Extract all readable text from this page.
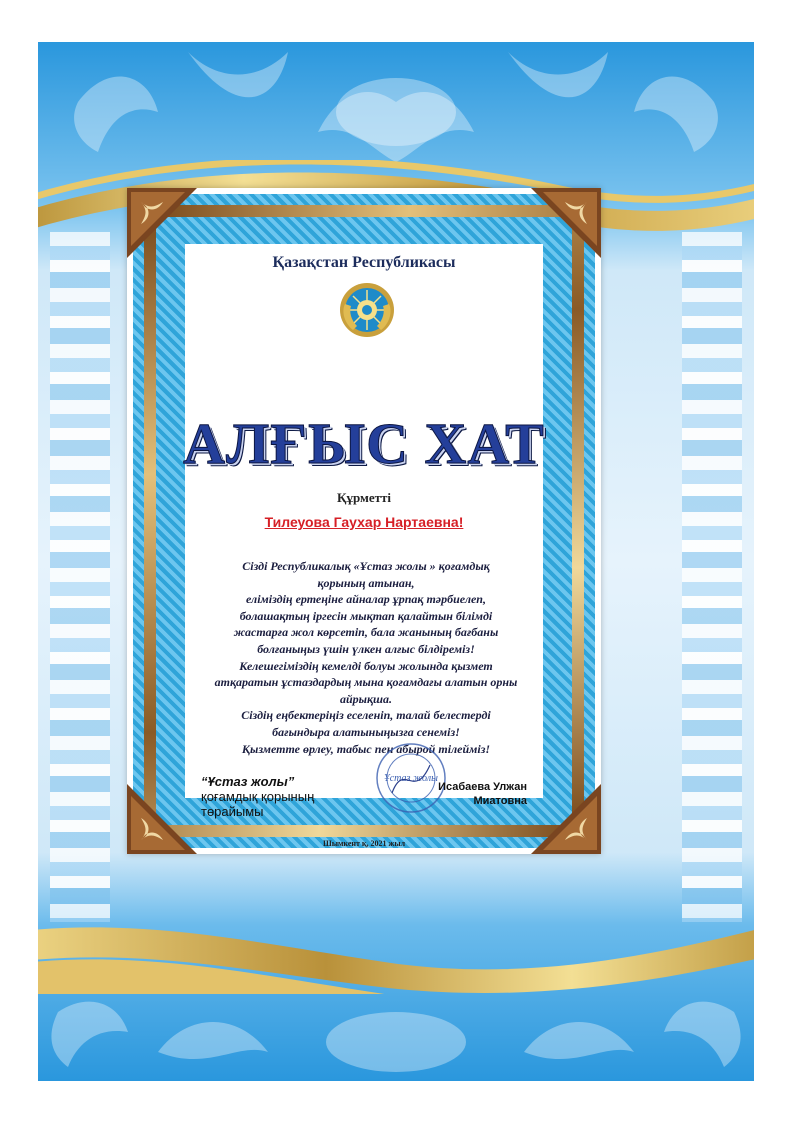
Қазақстан Республикасы
АЛҒЫС ХАТ
Құрметті
Тилеуова Гаухар Нартаевна!
Сізді Республикалық «Ұстаз жолы » қоғамдық
қорының атынан,
еліміздің ертеңіне айналар ұрпақ тәрбиелеп,
болашақтың іргесін мықтап қалайтын білімді
жастарға жол көрсетіп, бала жанының бағбаны
болғаныңыз үшін үлкен алғыс білдіреміз!
Келешегіміздің кемелді болуы жолында қызмет
атқаратын ұстаздардың мына қоғамдағы алатын орны
айрықша.
Сіздің еңбектеріңіз еселеніп, талай белестерді
бағындыра алатыныңызға сенеміз!
Қызметте өрлеу, табыс пен абырой тілейміз!
“Ұстаз жолы”
қоғамдық қорының
төрайымы
Ұстаз жолы
Исабаева Улжан
Миатовна
Шымкент қ, 2021 жыл
